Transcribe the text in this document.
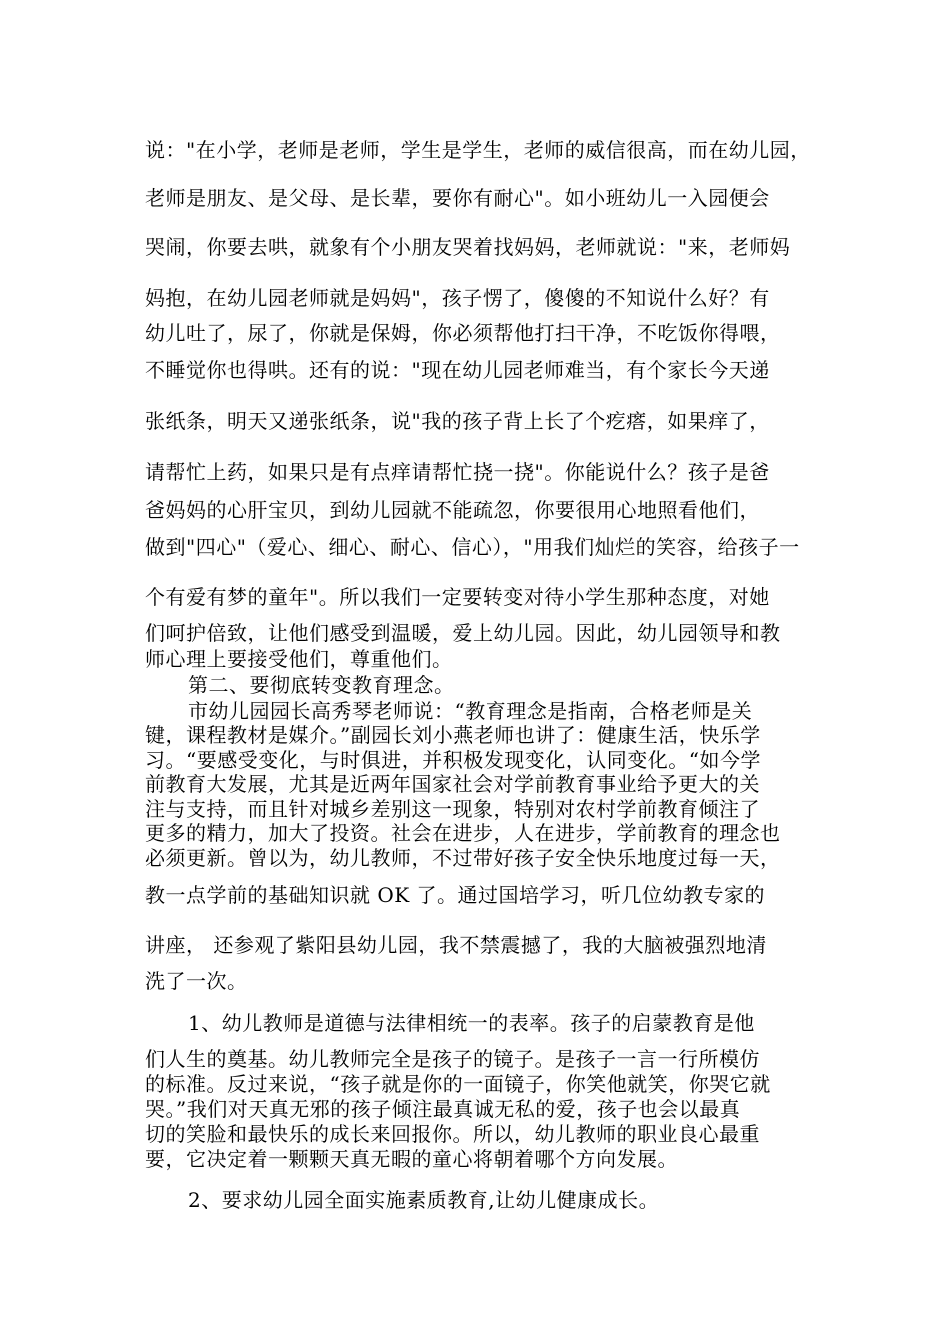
说："在小学，老师是老师，学生是学生，老师的威信很高，而在幼儿园，
老师是朋友、是父母、是长辈，要你有耐心"。如小班幼儿一入园便会
哭闹，你要去哄，就象有个小朋友哭着找妈妈，老师就说："来，老师妈
妈抱，在幼儿园老师就是妈妈"，孩子愣了，傻傻的不知说什么好？有
幼儿吐了，尿了，你就是保姆，你必须帮他打扫干净，不吃饭你得喂，
不睡觉你也得哄。还有的说："现在幼儿园老师难当，有个家长今天递
张纸条，明天又递张纸条，说"我的孩子背上长了个疙瘩，如果痒了，
请帮忙上药，如果只是有点痒请帮忙挠一挠"。你能说什么？孩子是爸
爸妈妈的心肝宝贝，到幼儿园就不能疏忽，你要很用心地照看他们，
做到"四心"（爱心、细心、耐心、信心），"用我们灿烂的笑容，给孩子一
个有爱有梦的童年"。所以我们一定要转变对待小学生那种态度，对她
们呵护倍致，让他们感受到温暖，爱上幼儿园。因此，幼儿园领导和教
师心理上要接受他们，尊重他们。
第二、要彻底转变教育理念。
市幼儿园园长高秀琴老师说：“教育理念是指南，合格老师是关
键，课程教材是媒介。”副园长刘小燕老师也讲了：健康生活，快乐学
习。“要感受变化，与时俱进，并积极发现变化，认同变化。“如今学
前教育大发展，尤其是近两年国家社会对学前教育事业给予更大的关
注与支持，而且针对城乡差别这一现象，特别对农村学前教育倾注了
更多的精力，加大了投资。社会在进步，人在进步，学前教育的理念也
必须更新。曾以为，幼儿教师，不过带好孩子安全快乐地度过每一天，
教一点学前的基础知识就 OK 了。通过国培学习，听几位幼教专家的
讲座， 还参观了紫阳县幼儿园，我不禁震撼了，我的大脑被强烈地清
洗了一次。
1、幼儿教师是道德与法律相统一的表率。孩子的启蒙教育是他
们人生的奠基。幼儿教师完全是孩子的镜子。是孩子一言一行所模仿
的标准。反过来说，“孩子就是你的一面镜子，你笑他就笑，你哭它就
哭。”我们对天真无邪的孩子倾注最真诚无私的爱，孩子也会以最真
切的笑脸和最快乐的成长来回报你。所以，幼儿教师的职业良心最重
要，它决定着一颗颗天真无暇的童心将朝着哪个方向发展。
2、要求幼儿园全面实施素质教育,让幼儿健康成长。
